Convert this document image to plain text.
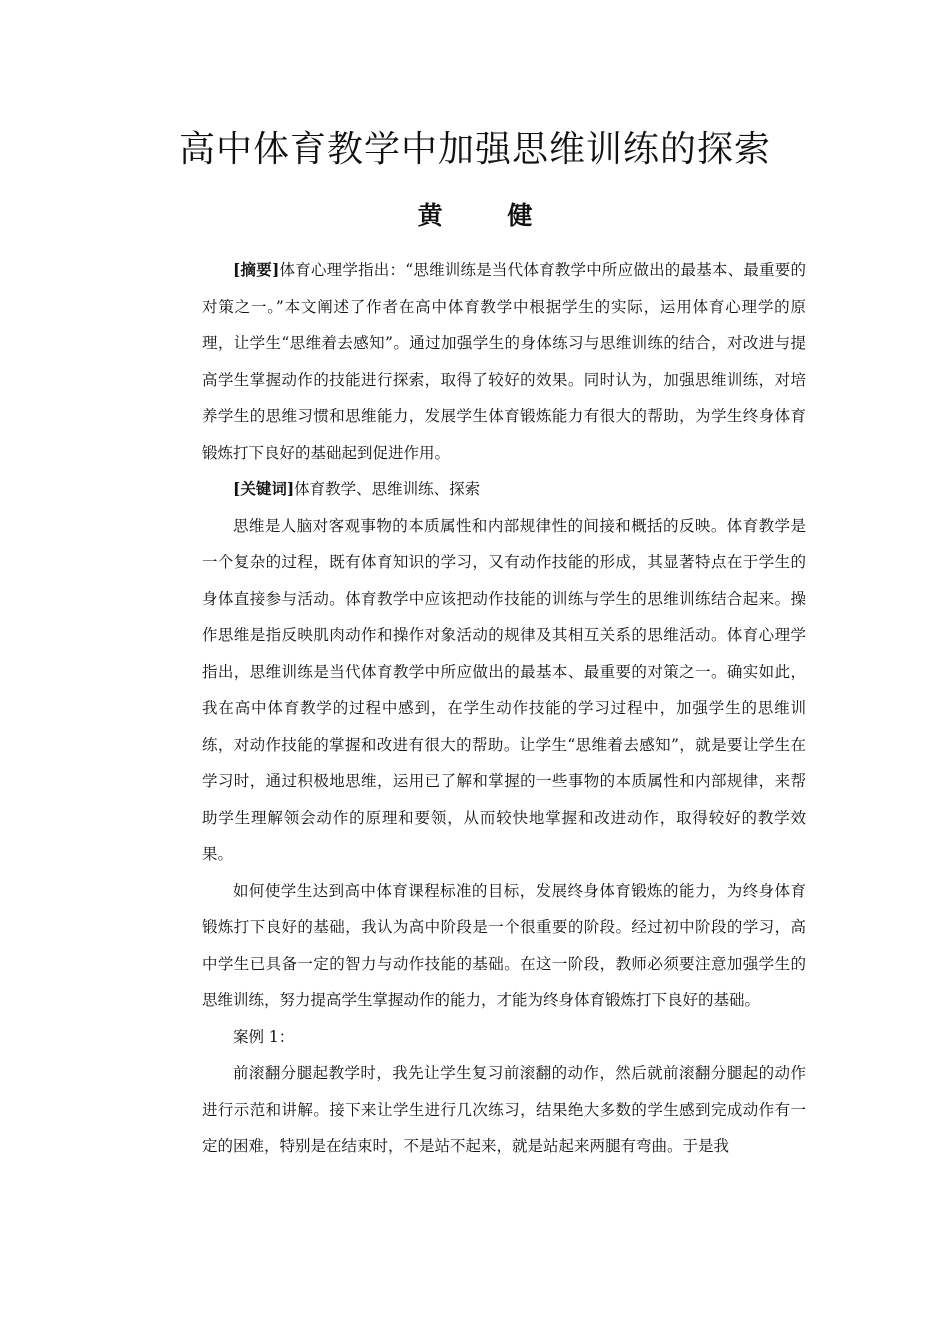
高中体育教学中加强思维训练的探索
黄 健

[摘要]体育心理学指出：“思维训练是当代体育教学中所应做出的最基本、最重要的对策之一。”本文阐述了作者在高中体育教学中根据学生的实际，运用体育心理学的原理，让学生“思维着去感知”。通过加强学生的身体练习与思维训练的结合，对改进与提高学生掌握动作的技能进行探索，取得了较好的效果。同时认为，加强思维训练，对培养学生的思维习惯和思维能力，发展学生体育锻炼能力有很大的帮助，为学生终身体育锻炼打下良好的基础起到促进作用。

[关键词]体育教学、思维训练、探索

思维是人脑对客观事物的本质属性和内部规律性的间接和概括的反映。体育教学是一个复杂的过程，既有体育知识的学习，又有动作技能的形成，其显著特点在于学生的身体直接参与活动。体育教学中应该把动作技能的训练与学生的思维训练结合起来。操作思维是指反映肌肉动作和操作对象活动的规律及其相互关系的思维活动。体育心理学指出，思维训练是当代体育教学中所应做出的最基本、最重要的对策之一。确实如此，我在高中体育教学的过程中感到，在学生动作技能的学习过程中，加强学生的思维训练，对动作技能的掌握和改进有很大的帮助。让学生“思维着去感知”，就是要让学生在学习时，通过积极地思维，运用已了解和掌握的一些事物的本质属性和内部规律，来帮助学生理解领会动作的原理和要领，从而较快地掌握和改进动作，取得较好的教学效果。

如何使学生达到高中体育课程标准的目标，发展终身体育锻炼的能力，为终身体育锻炼打下良好的基础，我认为高中阶段是一个很重要的阶段。经过初中阶段的学习，高中学生已具备一定的智力与动作技能的基础。在这一阶段，教师必须要注意加强学生的思维训练，努力提高学生掌握动作的能力，才能为终身体育锻炼打下良好的基础。

案例 1：

前滚翻分腿起教学时，我先让学生复习前滚翻的动作，然后就前滚翻分腿起的动作进行示范和讲解。接下来让学生进行几次练习，结果绝大多数的学生感到完成动作有一定的困难，特别是在结束时，不是站不起来，就是站起来两腿有弯曲。于是我
